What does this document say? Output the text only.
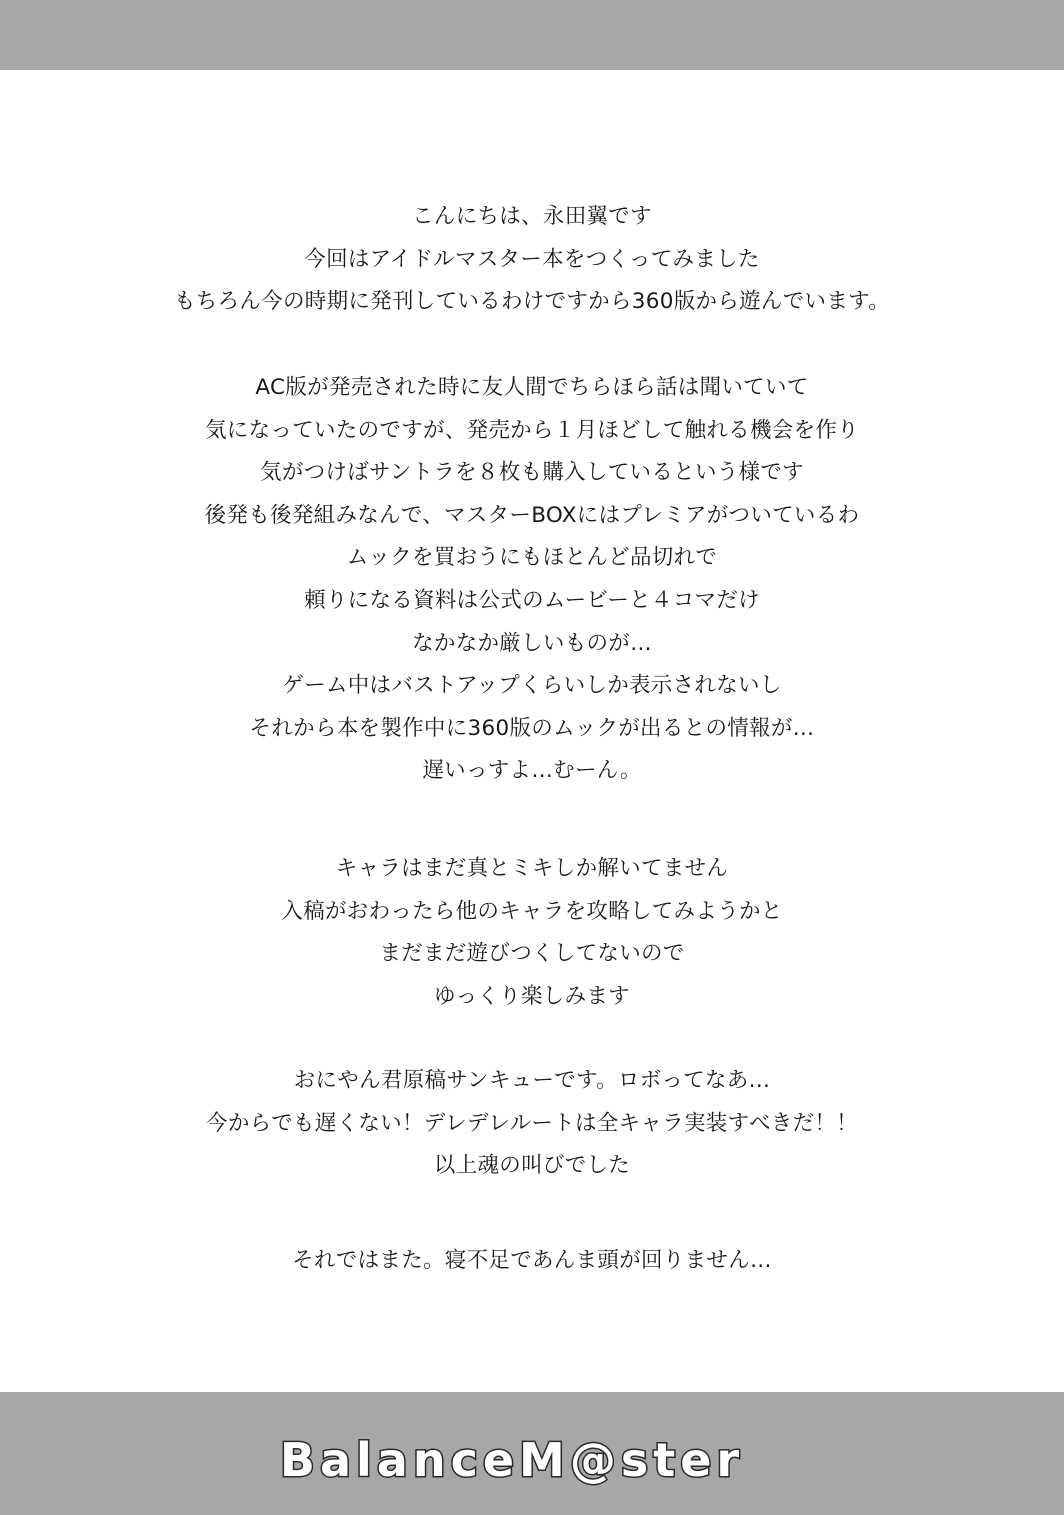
こんにちは、永田翼です
今回はアイドルマスター本をつくってみました
もちろん今の時期に発刊しているわけですから360版から遊んでいます。
AC版が発売された時に友人間でちらほら話は聞いていて
気になっていたのですが、発売から１月ほどして触れる機会を作り
気がつけばサントラを８枚も購入しているという様です
後発も後発組みなんで、マスターBOXにはプレミアがついているわ
ムックを買おうにもほとんど品切れで
頼りになる資料は公式のムービーと４コマだけ
なかなか厳しいものが…
ゲーム中はバストアップくらいしか表示されないし
それから本を製作中に360版のムックが出るとの情報が…
遅いっすよ…むーん。
キャラはまだ真とミキしか解いてません
入稿がおわったら他のキャラを攻略してみようかと
まだまだ遊びつくしてないので
ゆっくり楽しみます
おにやん君原稿サンキューです。ロボってなあ…
今からでも遅くない！デレデレルートは全キャラ実装すべきだ！！
以上魂の叫びでした
それではまた。寝不足であんま頭が回りません…
BalanceM@ster
